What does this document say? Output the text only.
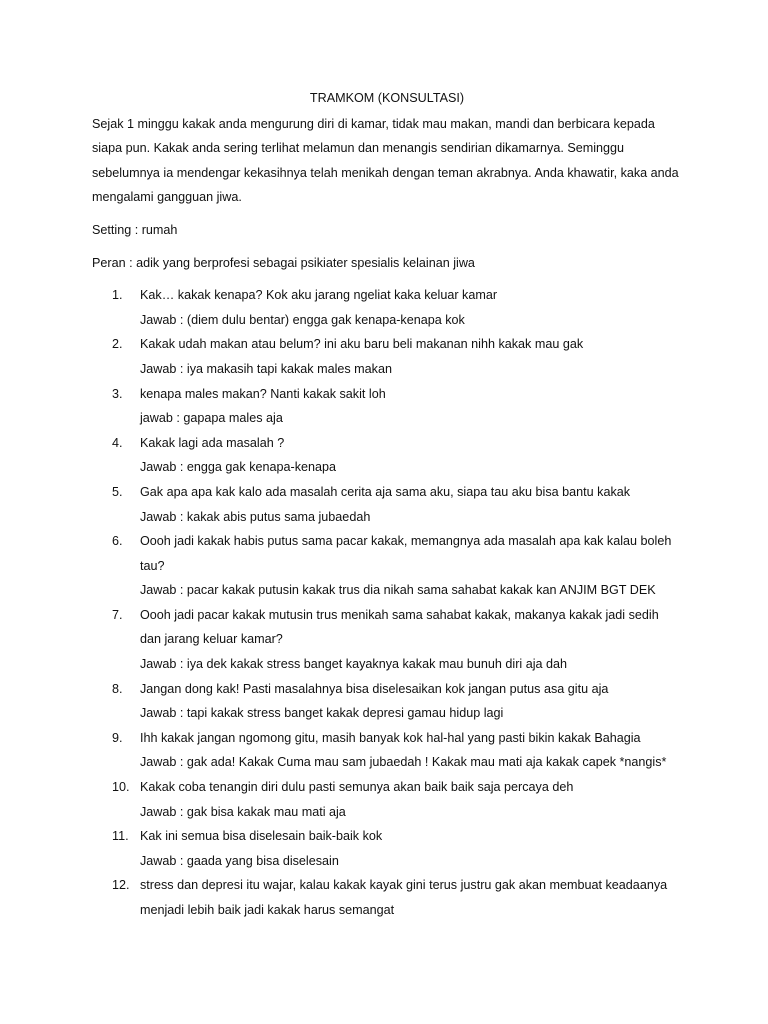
TRAMKOM (KONSULTASI)

Sejak 1 minggu kakak anda mengurung diri di kamar, tidak mau makan, mandi dan berbicara kepada siapa pun. Kakak anda sering terlihat melamun dan menangis sendirian dikamarnya. Seminggu sebelumnya ia mendengar kekasihnya telah menikah dengan teman akrabnya. Anda khawatir, kaka anda mengalami gangguan jiwa.

Setting : rumah

Peran : adik yang berprofesi sebagai psikiater spesialis kelainan jiwa

1.	Kak… kakak kenapa? Kok aku jarang ngeliat kaka keluar kamar
Jawab : (diem dulu bentar) engga gak kenapa-kenapa kok
2.	Kakak udah makan atau belum? ini aku baru beli makanan nihh kakak mau gak
Jawab : iya makasih tapi kakak males makan
3.	kenapa males makan? Nanti kakak sakit loh
jawab : gapapa males aja
4.	Kakak lagi ada masalah ?
Jawab : engga gak kenapa-kenapa
5.	Gak apa apa kak kalo ada masalah cerita aja sama aku, siapa tau aku bisa bantu kakak
Jawab : kakak abis putus sama jubaedah
6.	Oooh jadi kakak habis putus sama pacar kakak, memangnya ada masalah apa kak kalau boleh tau?
Jawab : pacar kakak putusin kakak trus dia nikah sama sahabat kakak kan ANJIM BGT DEK
7.	Oooh jadi pacar kakak mutusin trus menikah sama sahabat kakak, makanya kakak jadi sedih dan jarang keluar kamar?
Jawab : iya dek kakak stress banget kayaknya kakak mau bunuh diri aja dah
8.	Jangan dong kak! Pasti masalahnya bisa diselesaikan kok jangan putus asa gitu aja
Jawab : tapi kakak stress banget kakak depresi gamau hidup lagi
9.	Ihh kakak jangan ngomong gitu, masih banyak kok hal-hal yang pasti bikin kakak Bahagia
Jawab : gak ada! Kakak Cuma mau sam jubaedah ! Kakak mau mati aja kakak capek *nangis*
10. Kakak coba tenangin diri dulu pasti semunya akan baik baik saja percaya deh
Jawab : gak bisa kakak mau mati aja
11. Kak ini semua bisa diselesain baik-baik kok
Jawab : gaada yang bisa diselesain
12. stress dan depresi itu wajar, kalau kakak kayak gini terus justru gak akan membuat keadaanya menjadi lebih baik jadi kakak harus semangat
